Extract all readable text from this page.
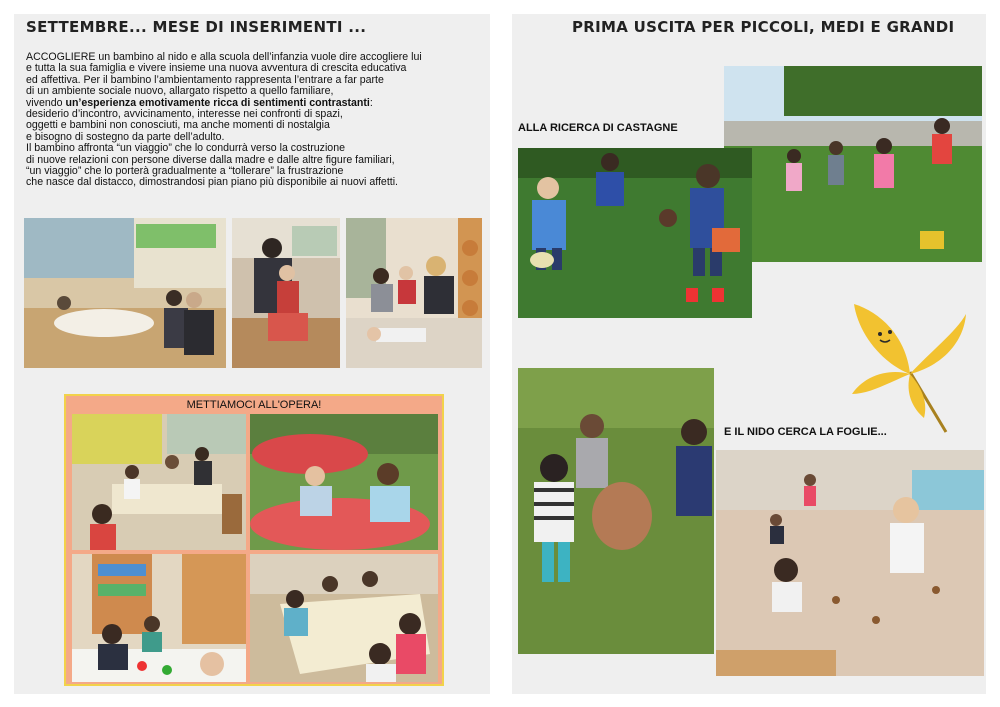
SETTEMBRE... MESE DI INSERIMENTI ...

ACCOGLIERE un bambino al nido e alla scuola dell’infanzia vuole dire accogliere lui

e tutta la sua famiglia e vivere insieme una nuova avventura di crescita educativa

ed affettiva. Per il bambino l’ambientamento rappresenta l’entrare a far parte

di un ambiente sociale nuovo, allargato rispetto a quello familiare,

vivendo un’esperienza emotivamente ricca di sentimenti contrastanti:

desiderio d’incontro, avvicinamento, interesse nei confronti di spazi,

oggetti e bambini non conosciuti, ma anche momenti di nostalgia

e bisogno di sostegno da parte dell’adulto.

Il bambino affronta “un viaggio” che lo condurrà verso la costruzione

di nuove relazioni con persone diverse dalla madre e dalle altre figure familiari,

“un viaggio” che lo porterà gradualmente a “tollerare” la frustrazione

che nasce dal distacco, dimostrandosi pian piano più disponibile ai nuovi affetti.

METTIAMOCI ALL'OPERA!
PRIMA USCITA PER PICCOLI, MEDI E GRANDI
ALLA RICERCA DI CASTAGNE
E IL NIDO CERCA LA FOGLIE...
